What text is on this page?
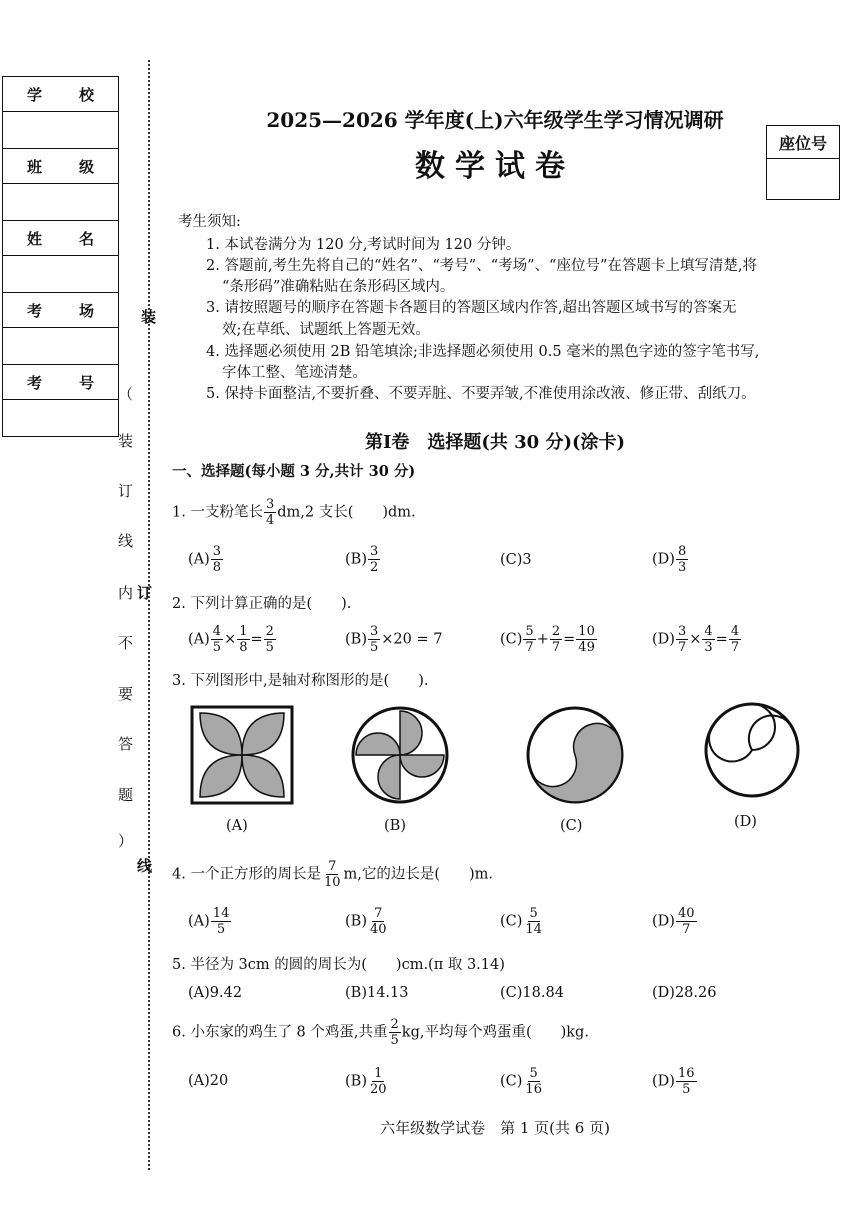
学 校
班 级
姓 名
考 场
考 号
装
（
装
订
线
内 订
不
要
答
题
）
线
座位号
2025—2026 学年度(上)六年级学生学习情况调研
数学试卷
考生须知:
1. 本试卷满分为 120 分,考试时间为 120 分钟。
2. 答题前,考生先将自己的“姓名”、“考号”、“考场”、“座位号”在答题卡上填写清楚,将
“条形码”准确粘贴在条形码区域内。
3. 请按照题号的顺序在答题卡各题目的答题区域内作答,超出答题区域书写的答案无
效;在草纸、试题纸上答题无效。
4. 选择题必须使用 2B 铅笔填涂;非选择题必须使用 0.5 毫米的黑色字迹的签字笔书写,
字体工整、笔迹清楚。
5. 保持卡面整洁,不要折叠、不要弄脏、不要弄皱,不准使用涂改液、修正带、刮纸刀。
第Ⅰ卷　选择题(共 30 分)(涂卡)
一、选择题(每小题 3 分,共计 30 分)
1. 一支粉笔长 $\frac{3}{4} dm,2$ 支长(　　)dm.
$(A) \frac{3}{8}$	$(B) \frac{3}{2}$	(C)3	$(D) \frac{8}{3}$
2. 下列计算正确的是(　　).
$(A) \frac{4}{5} \times \frac{1}{8} = \frac{2}{5}$	$(B) \frac{3}{5} \times 20 = 7$	$(C) \frac{5}{7} + \frac{2}{7} = \frac{10}{49}$	$(D) \frac{3}{7} \times \frac{4}{3} = \frac{4}{7}$
3. 下列图形中,是轴对称图形的是(　　).
(A)	(B)	(C)	(D)
4. 一个正方形的周长是 $\frac{7}{10} m$,它的边长是(　　)m.
$(A) \frac{14}{5}$	$(B) \frac{7}{40}$	$(C) \frac{5}{14}$	$(D) \frac{40}{7}$
5. 半径为 3cm 的圆的周长为(　　)cm.(π 取 3.14)
(A)9.42	(B)14.13	(C)18.84	(D)28.26
6. 小东家的鸡生了 8 个鸡蛋,共重 $\frac{2}{5}$ kg,平均每个鸡蛋重(　　)kg.
(A)20	$(B) \frac{1}{20}$	$(C) \frac{5}{16}$	$(D) \frac{16}{5}$
六年级数学试卷　第 1 页(共 6 页)
